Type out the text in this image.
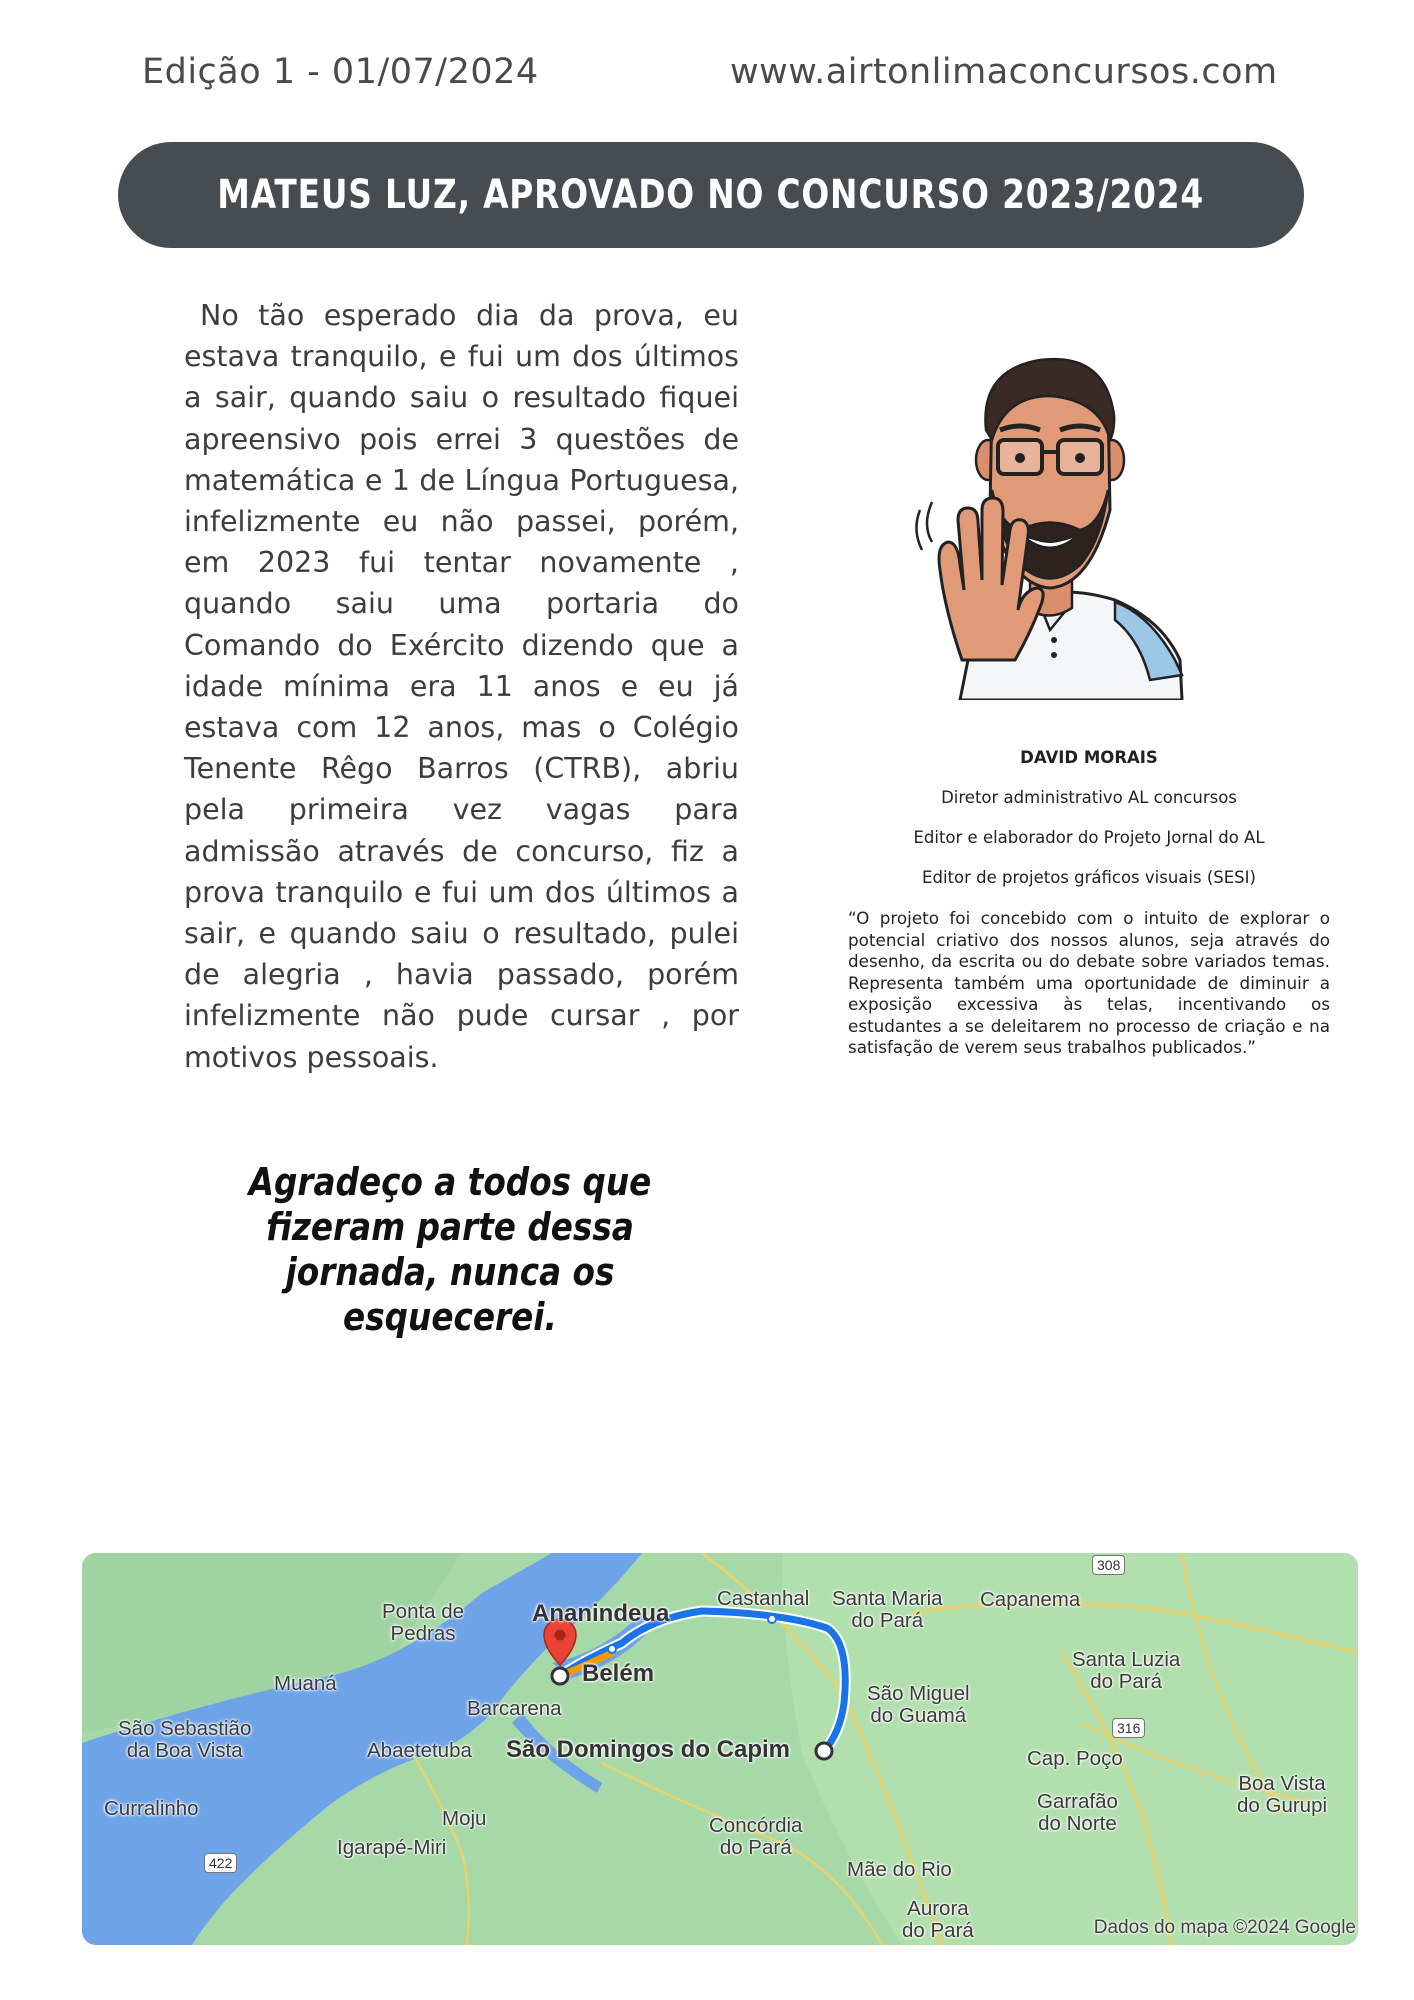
Edição 1 - 01/07/2024	www.airtonlimaconcursos.com
MATEUS LUZ, APROVADO NO CONCURSO 2023/2024

No tão esperado dia da prova, eu estava tranquilo, e fui um dos últimos a sair, quando saiu o resultado fiquei apreensivo pois errei 3 questões de matemática e 1 de Língua Portuguesa, infelizmente eu não passei, porém, em 2023 fui tentar novamente , quando saiu uma portaria do Comando do Exército dizendo que a idade mínima era 11 anos e eu já estava com 12 anos, mas o Colégio Tenente Rêgo Barros (CTRB), abriu pela primeira vez vagas para admissão através de concurso, fiz a prova tranquilo e fui um dos últimos a sair, e quando saiu o resultado, pulei de alegria , havia passado, porém infelizmente não pude cursar , por motivos pessoais.

Agradeço a todos que fizeram parte dessa jornada, nunca os esquecerei.

DAVID MORAIS

Diretor administrativo AL concursos

Editor e elaborador do Projeto Jornal do AL

Editor de projetos gráficos visuais (SESI)

“O projeto foi concebido com o intuito de explorar o potencial criativo dos nossos alunos, seja através do desenho, da escrita ou do debate sobre variados temas. Representa também uma oportunidade de diminuir a exposição excessiva às telas, incentivando os estudantes a se deleitarem no processo de criação e na satisfação de verem seus trabalhos publicados.”
Ponta de
Pedras
Ananindeua
Castanhal Santa Maria
do Pará
Capanema
Muaná	Belém
Santa Luzia
do Pará
São Sebastião
da Boa Vista
Barcarena
São Miguel
do Guamá
Abaetetuba São Domingos do Capim	Cap. Poço
Curralinho	Moju	Concórdia
do Pará
Garrafão
do Norte
Boa Vista
do Gurupi
Igarapé-Miri
Mãe do Rio
Aurora
do Pará
308
316
422
Dados do mapa ©2024 Google
